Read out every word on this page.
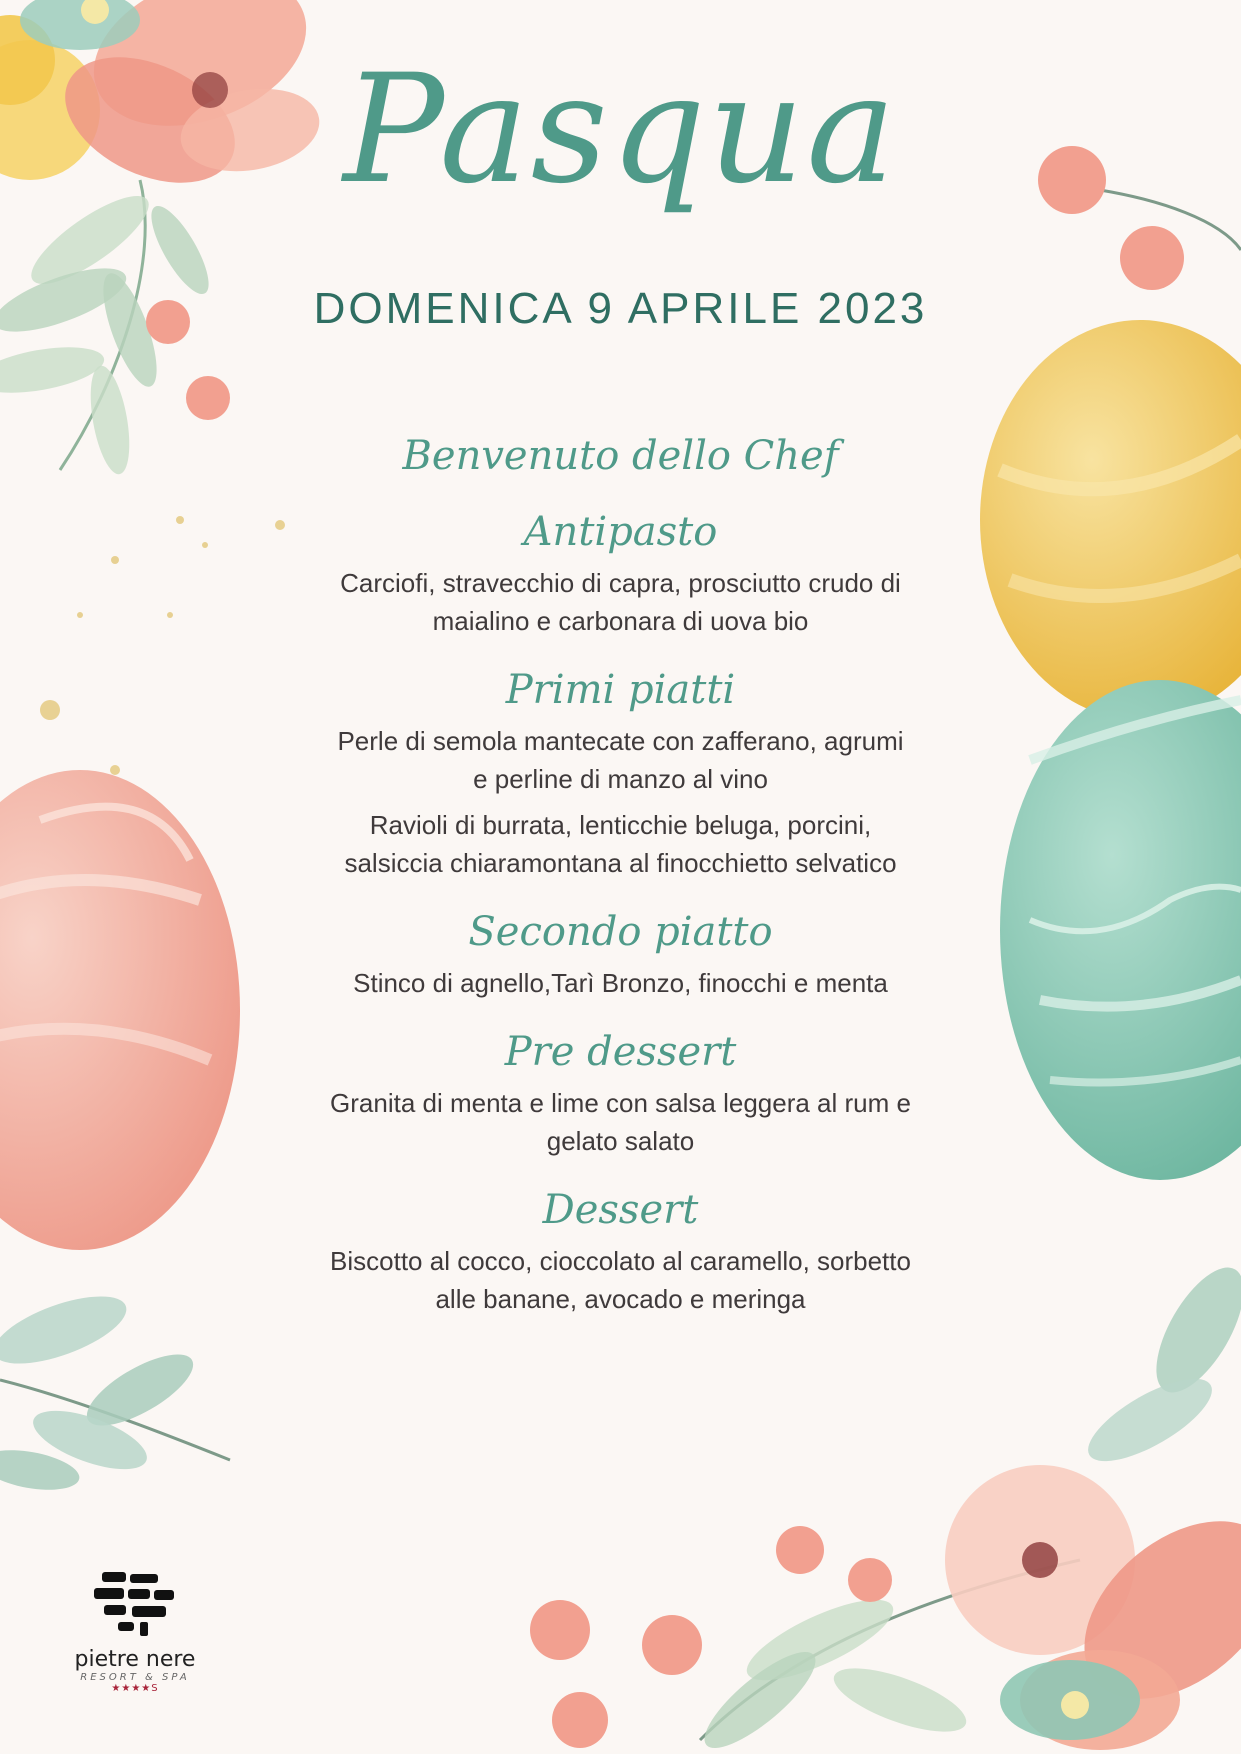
Pasqua
DOMENICA 9 APRILE 2023
Benvenuto dello Chef
Antipasto
Carciofi, stravecchio di capra, prosciutto crudo di
maialino e carbonara di uova bio
Primi piatti
Perle di semola mantecate con zafferano, agrumi
e perline di manzo al vino
Ravioli di burrata, lenticchie beluga, porcini,
salsiccia chiaramontana al finocchietto selvatico
Secondo piatto
Stinco di agnello,Tarì Bronzo, finocchi e menta
Pre dessert
Granita di menta e lime con salsa leggera al rum e
gelato salato
Dessert
Biscotto al cocco, cioccolato al caramello, sorbetto
alle banane, avocado e meringa
pietre nere
RESORT & SPA
★★★★S
